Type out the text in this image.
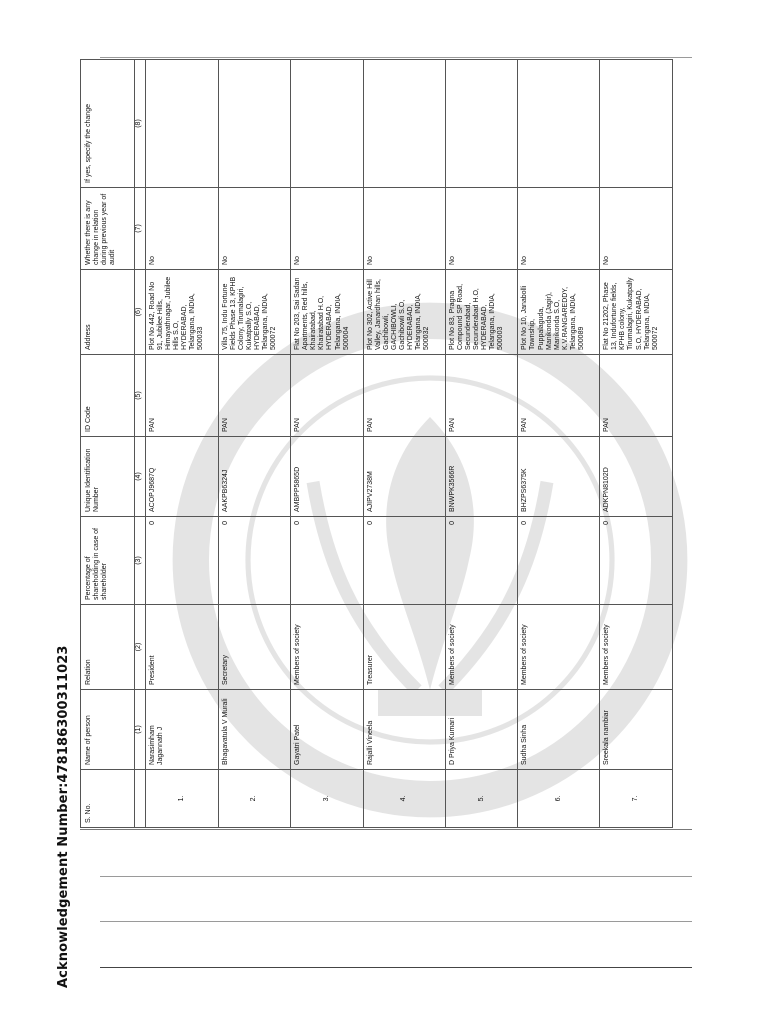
Acknowledgement Number:478186300311023 S. No.	Name of person	Relation	Percentage of shareholding in case of shareholder	Unique Identification Number	ID Code	Address	Whether there is any change in relation during previous year of audit	If yes, specify the change
	(1)	(2)	(3)	(4)	(5)	(6)	(7)	(8)
1.	Narasimham Jagannath J	President	0	ACOPJ9687Q	PAN	Plot No 442, Road No 91, Jubilee Hills, Himayathnagar, Jubilee Hills S.O, HYDERABAD, Telangana, INDIA, 500033	No	
2.	Bhagavatula V Murali	Secretary	0	AAKPB6324J	PAN	Villa 75, Indu Fortune Fields Phase 13, KPHB Colony, Tirumalagiri, Kukatpally S.O, HYDERABAD, Telangana, INDIA, 500072	No	
3.	Gayatri Patel	Members of society	0	AMBPP5865D	PAN	Flat No 203, Sai Sadan Apartments, Red hills, Khairatabad, Khairatabad H.O, HYDERABAD, Telangana, INDIA, 500004	No	
4.	Rajalli Vineela	Treasurer	0	AJIPV2738M	PAN	Plot No 302, Active Hill Valley, Janardhan hills, Gachibowli, GACHIBOWLI, Gachibowli S.O, HYDERABAD, Telangana, INDIA, 500032	No	
5.	D Priya Kumari	Members of society	0	BNWPK3566R	PAN	Plot No 83, Pragna Compound SP Road, Secunderabad, Secunderabad H.O, HYDERABAD, Telangana, INDIA, 500003	No	
6.	Sudha Sinha	Members of society	0	BHZPS6375K	PAN	Plot No 10, Janabolli Township, Puppalaguda, Manikonda (Jagir), Manikonda S.O, K.V.RANGAREDDY, Telangana, INDIA, 500089	No	
7.	Sreekala nambiar	Members of society	0	ADKPN8102D	PAN	Flat No 21202, Phase 13, Indufortune fields, KPHB colony, Tirumalagiri, Kukatpally S.O, HYDERABAD, Telangana, INDIA, 500072	No	
